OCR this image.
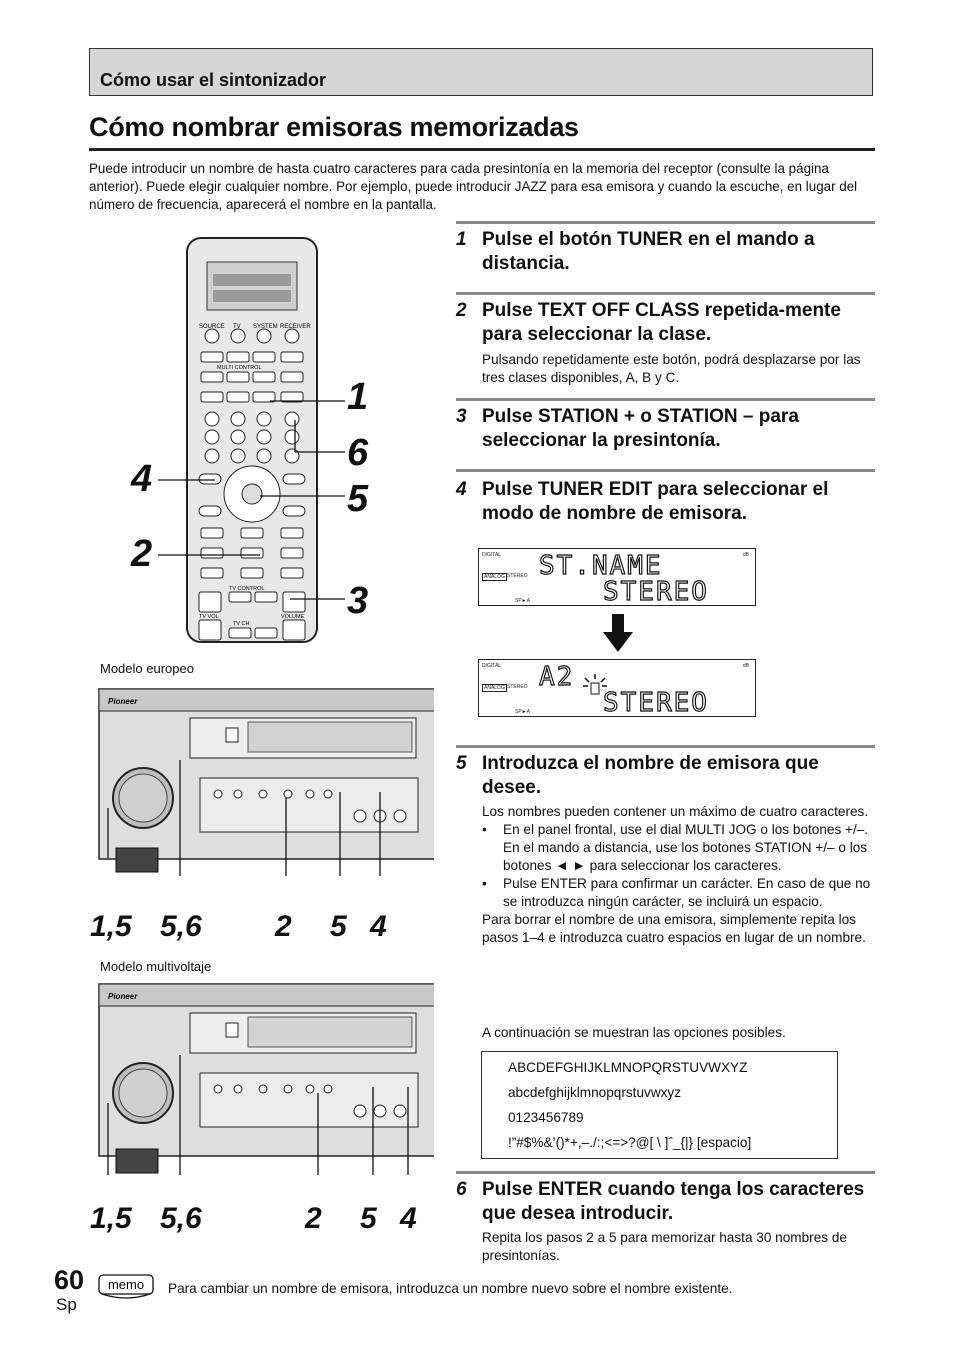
Cómo usar el sintonizador
Cómo nombrar emisoras memorizadas
Puede introducir un nombre de hasta cuatro caracteres para cada presintonía en la memoria del receptor (consulte la página anterior). Puede elegir cualquier nombre. Por ejemplo, puede introducir JAZZ para esa emisora y cuando la escuche, en lugar del número de frecuencia, aparecerá el nombre en la pantalla.
SOURCE TV SYSTEM RECEIVER
MULTI CONTROL
TV CONTROL
TV VOL
TV CH
VOLUME
1
6
5
4
2
3
Modelo europeo
Pioneer
1,5 5,6 2 5 4
Modelo multivoltaje
Pioneer
1,5 5,6	2 5 4
1 Pulse el botón TUNER en el mando a distancia.
2 Pulse TEXT OFF CLASS repetida-mente para seleccionar la clase.
Pulsando repetidamente este botón, podrá desplazarse por las tres clases disponibles, A, B y C.
3 Pulse STATION + o STATION – para seleccionar la presintonía.
4 Pulse TUNER EDIT para seleccionar el modo de nombre de emisora.
DIGITAL
ANALOG STEREO
SP►A
dB
ST.NAME
STEREO
DIGITAL
ANALOG STEREO
SP►A
dB
A2
STEREO
5 Introduzca el nombre de emisora que desee.
Los nombres pueden contener un máximo de cuatro caracteres.
• En el panel frontal, use el dial MULTI JOG o los botones +/–. En el mando a distancia, use los botones STATION +/– o los botones ◄ ► para seleccionar los caracteres.
• Pulse ENTER para confirmar un carácter. En caso de que no se introduzca ningún carácter, se incluirá un espacio.
Para borrar el nombre de una emisora, simplemente repita los pasos 1–4 e introduzca cuatro espacios en lugar de un nombre.
A continuación se muestran las opciones posibles.
ABCDEFGHIJKLMNOPQRSTUVWXYZ
abcdefghijklmnopqrstuvwxyz
0123456789
!”#$%&’()*+,–./:;<=>?@[ \ ]ˆ_{|} [espacio]
6 Pulse ENTER cuando tenga los caracteres que desea introducir.
Repita los pasos 2 a 5 para memorizar hasta 30 nombres de presintonías.
60
Sp
memo Para cambiar un nombre de emisora, introduzca un nombre nuevo sobre el nombre existente.
